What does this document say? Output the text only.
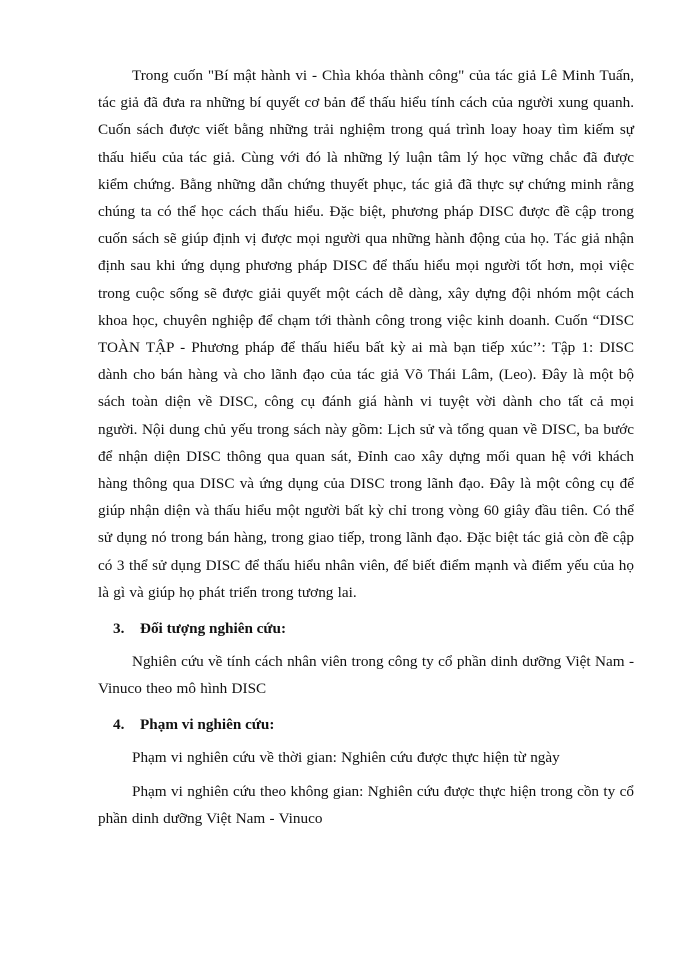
Trong cuốn "Bí mật hành vi - Chìa khóa thành công" của tác giả Lê Minh Tuấn, tác giả đã đưa ra những bí quyết cơ bản để thấu hiểu tính cách của người xung quanh. Cuốn sách được viết bằng những trải nghiệm trong quá trình loay hoay tìm kiếm sự thấu hiểu của tác giả. Cùng với đó là những lý luận tâm lý học vững chắc đã được kiểm chứng. Bằng những dẫn chứng thuyết phục, tác giả đã thực sự chứng minh rằng chúng ta có thể học cách thấu hiểu. Đặc biệt, phương pháp DISC được đề cập trong cuốn sách sẽ giúp định vị được mọi người qua những hành động của họ. Tác giả nhận định sau khi ứng dụng phương pháp DISC để thấu hiểu mọi người tốt hơn, mọi việc trong cuộc sống sẽ được giải quyết một cách dễ dàng, xây dựng đội nhóm một cách khoa học, chuyên nghiệp để chạm tới thành công trong việc kinh doanh. Cuốn “DISC TOÀN TẬP - Phương pháp để thấu hiểu bất kỳ ai mà bạn tiếp xúc’’: Tập 1: DISC dành cho bán hàng và cho lãnh đạo của tác giả Võ Thái Lâm, (Leo). Đây là một bộ sách toàn diện về DISC, công cụ đánh giá hành vi tuyệt vời dành cho tất cả mọi người. Nội dung chủ yếu trong sách này gồm: Lịch sử và tổng quan về DISC, ba bước để nhận diện DISC thông qua quan sát, Đỉnh cao xây dựng mối quan hệ với khách hàng thông qua DISC và ứng dụng của DISC trong lãnh đạo. Đây là một công cụ để giúp nhận diện và thấu hiểu một người bất kỳ chỉ trong vòng 60 giây đầu tiên. Có thể sử dụng nó trong bán hàng, trong giao tiếp, trong lãnh đạo. Đặc biệt tác giả còn đề cập có 3 thể sử dụng DISC để thấu hiểu nhân viên, để biết điểm mạnh và điểm yếu của họ là gì và giúp họ phát triển trong tương lai.

3.	Đối tượng nghiên cứu:

Nghiên cứu về tính cách nhân viên trong công ty cổ phần dinh dưỡng Việt Nam - Vinuco theo mô hình DISC

4.	Phạm vi nghiên cứu:

Phạm vi nghiên cứu về thời gian: Nghiên cứu được thực hiện từ ngày

Phạm vi nghiên cứu theo không gian: Nghiên cứu được thực hiện trong cồn ty cổ phần dinh dưỡng Việt Nam - Vinuco
